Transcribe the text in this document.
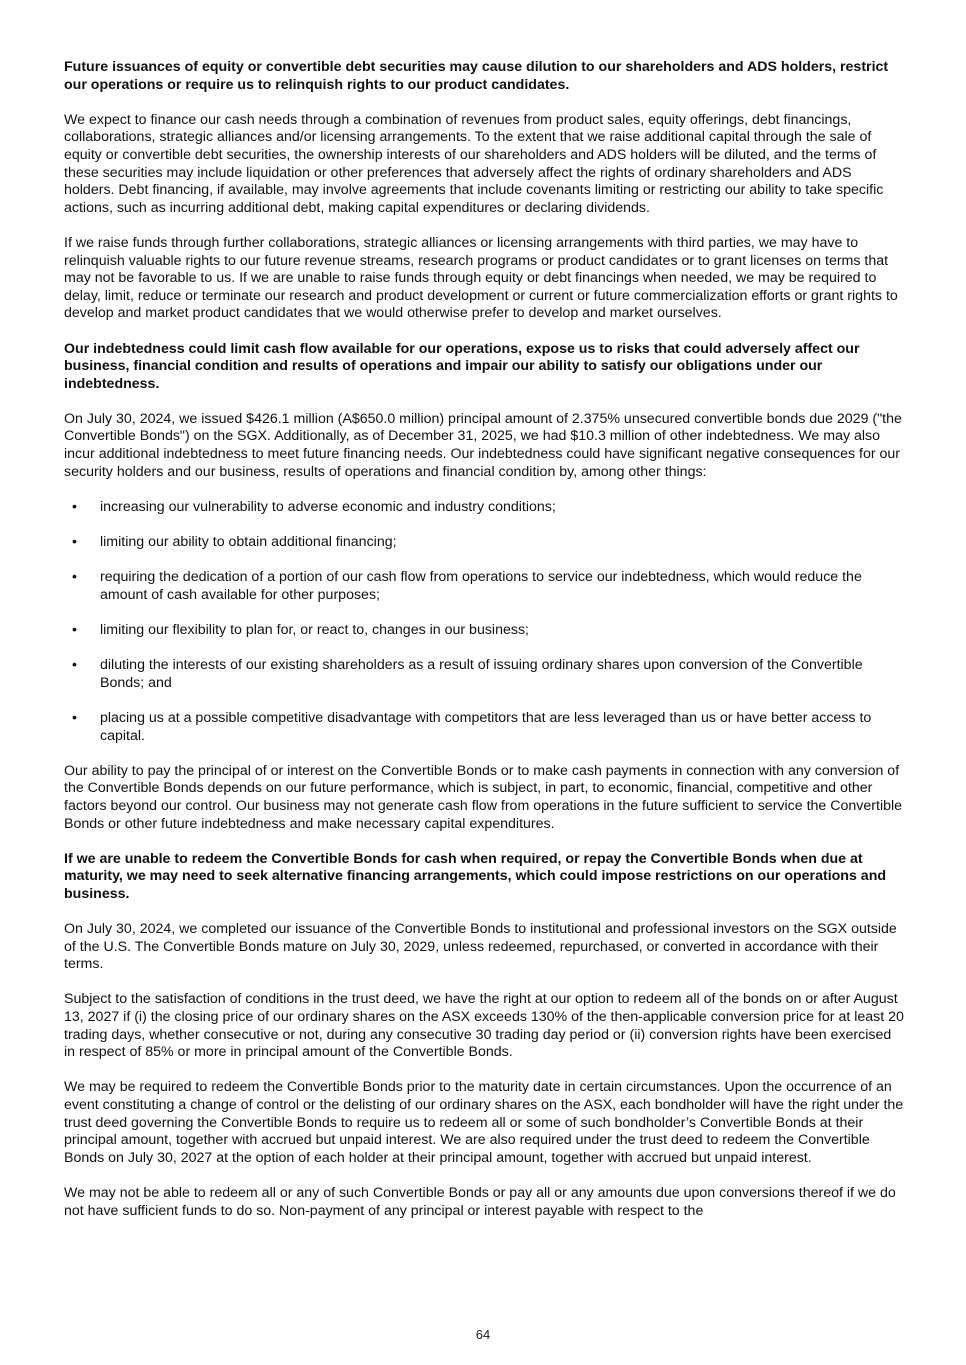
Future issuances of equity or convertible debt securities may cause dilution to our shareholders and ADS holders, restrict our operations or require us to relinquish rights to our product candidates.

We expect to finance our cash needs through a combination of revenues from product sales, equity offerings, debt financings, collaborations, strategic alliances and/or licensing arrangements. To the extent that we raise additional capital through the sale of equity or convertible debt securities, the ownership interests of our shareholders and ADS holders will be diluted, and the terms of these securities may include liquidation or other preferences that adversely affect the rights of ordinary shareholders and ADS holders. Debt financing, if available, may involve agreements that include covenants limiting or restricting our ability to take specific actions, such as incurring additional debt, making capital expenditures or declaring dividends.

If we raise funds through further collaborations, strategic alliances or licensing arrangements with third parties, we may have to relinquish valuable rights to our future revenue streams, research programs or product candidates or to grant licenses on terms that may not be favorable to us. If we are unable to raise funds through equity or debt financings when needed, we may be required to delay, limit, reduce or terminate our research and product development or current or future commercialization efforts or grant rights to develop and market product candidates that we would otherwise prefer to develop and market ourselves.

Our indebtedness could limit cash flow available for our operations, expose us to risks that could adversely affect our business, financial condition and results of operations and impair our ability to satisfy our obligations under our indebtedness.

On July 30, 2024, we issued $426.1 million (A$650.0 million) principal amount of 2.375% unsecured convertible bonds due 2029 ("the Convertible Bonds") on the SGX. Additionally, as of December 31, 2025, we had $10.3 million of other indebtedness. We may also incur additional indebtedness to meet future financing needs. Our indebtedness could have significant negative consequences for our security holders and our business, results of operations and financial condition by, among other things:

• increasing our vulnerability to adverse economic and industry conditions;
• limiting our ability to obtain additional financing;
• requiring the dedication of a portion of our cash flow from operations to service our indebtedness, which would reduce the amount of cash available for other purposes;
• limiting our flexibility to plan for, or react to, changes in our business;
• diluting the interests of our existing shareholders as a result of issuing ordinary shares upon conversion of the Convertible Bonds; and
• placing us at a possible competitive disadvantage with competitors that are less leveraged than us or have better access to capital.

Our ability to pay the principal of or interest on the Convertible Bonds or to make cash payments in connection with any conversion of the Convertible Bonds depends on our future performance, which is subject, in part, to economic, financial, competitive and other factors beyond our control. Our business may not generate cash flow from operations in the future sufficient to service the Convertible Bonds or other future indebtedness and make necessary capital expenditures.

If we are unable to redeem the Convertible Bonds for cash when required, or repay the Convertible Bonds when due at maturity, we may need to seek alternative financing arrangements, which could impose restrictions on our operations and business.

On July 30, 2024, we completed our issuance of the Convertible Bonds to institutional and professional investors on the SGX outside of the U.S. The Convertible Bonds mature on July 30, 2029, unless redeemed, repurchased, or converted in accordance with their terms.

Subject to the satisfaction of conditions in the trust deed, we have the right at our option to redeem all of the bonds on or after August 13, 2027 if (i) the closing price of our ordinary shares on the ASX exceeds 130% of the then-applicable conversion price for at least 20 trading days, whether consecutive or not, during any consecutive 30 trading day period or (ii) conversion rights have been exercised in respect of 85% or more in principal amount of the Convertible Bonds.

We may be required to redeem the Convertible Bonds prior to the maturity date in certain circumstances. Upon the occurrence of an event constituting a change of control or the delisting of our ordinary shares on the ASX, each bondholder will have the right under the trust deed governing the Convertible Bonds to require us to redeem all or some of such bondholder’s Convertible Bonds at their principal amount, together with accrued but unpaid interest. We are also required under the trust deed to redeem the Convertible Bonds on July 30, 2027 at the option of each holder at their principal amount, together with accrued but unpaid interest.

We may not be able to redeem all or any of such Convertible Bonds or pay all or any amounts due upon conversions thereof if we do not have sufficient funds to do so. Non-payment of any principal or interest payable with respect to the

64
